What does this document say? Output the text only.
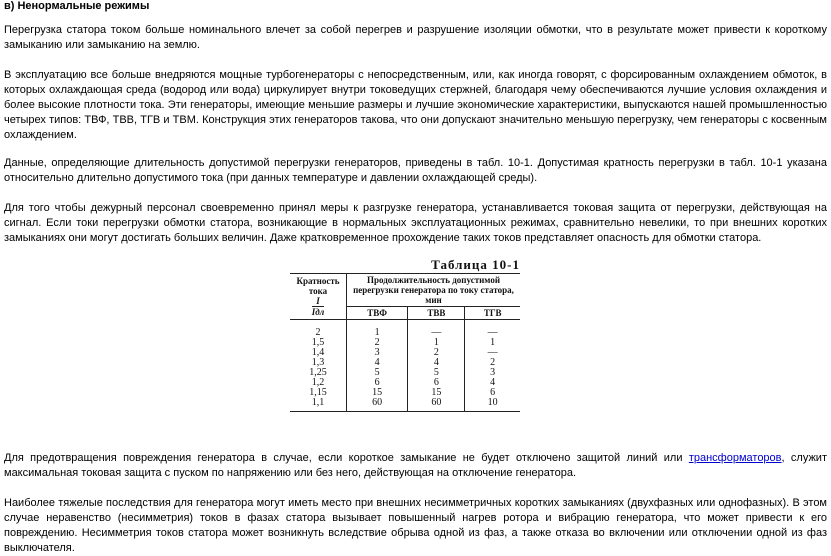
в) Ненормальные режимы

Перегрузка статора током больше номинального влечет за собой перегрев и разрушение изоляции обмотки, что в результате может привести к короткому замыканию или замыканию на землю.

В эксплуатацию все больше внедряются мощные турбогенераторы с непосредственным, или, как иногда говорят, с форсированным охлаждением обмоток, в которых охлаждающая среда (водород или вода) циркулирует внутри токоведущих стержней, благодаря чему обеспечиваются лучшие условия охлаждения и более высокие плотности тока. Эти генераторы, имеющие меньшие размеры и лучшие экономические характеристики, выпускаются нашей промышленностью четырех типов: ТВФ, ТВВ, ТГВ и ТВМ. Конструкция этих генераторов такова, что они допускают значительно меньшую перегрузку, чем генераторы с косвенным охлаждением.

Данные, определяющие длительность допустимой перегрузки генераторов, приведены в табл. 10-1. Допустимая кратность перегрузки в табл. 10-1 указана относительно длительно допустимого тока (при данных температуре и давлении охлаждающей среды).

Для того чтобы дежурный персонал своевременно принял меры к разгрузке генератора, устанавливается токовая защита от перегрузки, действующая на сигнал. Если токи перегрузки обмотки статора, возникающие в нормальных эксплуатационных режимах, сравнительно невелики, то при внешних коротких замыканиях они могут достигать больших величин. Даже кратковременное прохождение таких токов представляет опасность для обмотки статора.

Таблица 10-1
Кратность тока
$\frac{I}{\text{Iдл}}$	Продолжительность допустимой перегрузки генератора по току статора, мин		
	ТВФ	ТВВ	ТГВ
2	1	—	—
1,5	2	1	1
1,4	3	2	—
1,3	4	4	2
1,25	5	5	3
1,2	6	6	4
1,15	15	15	6
1,1	60	60	10

Для предотвращения повреждения генератора в случае, если короткое замыкание не будет отключено защитой линий или трансформаторов, служит максимальная токовая защита с пуском по напряжению или без него, действующая на отключение генератора.

Наиболее тяжелые последствия для генератора могут иметь место при внешних несимметричных коротких замыканиях (двухфазных или однофазных). В этом случае неравенство (несимметрия) токов в фазах статора вызывает повышенный нагрев ротора и вибрацию генератора, что может привести к его повреждению. Несимметрия токов статора может возникнуть вследствие обрыва одной из фаз, а также отказа во включении или отключении одной из фаз выключателя.
